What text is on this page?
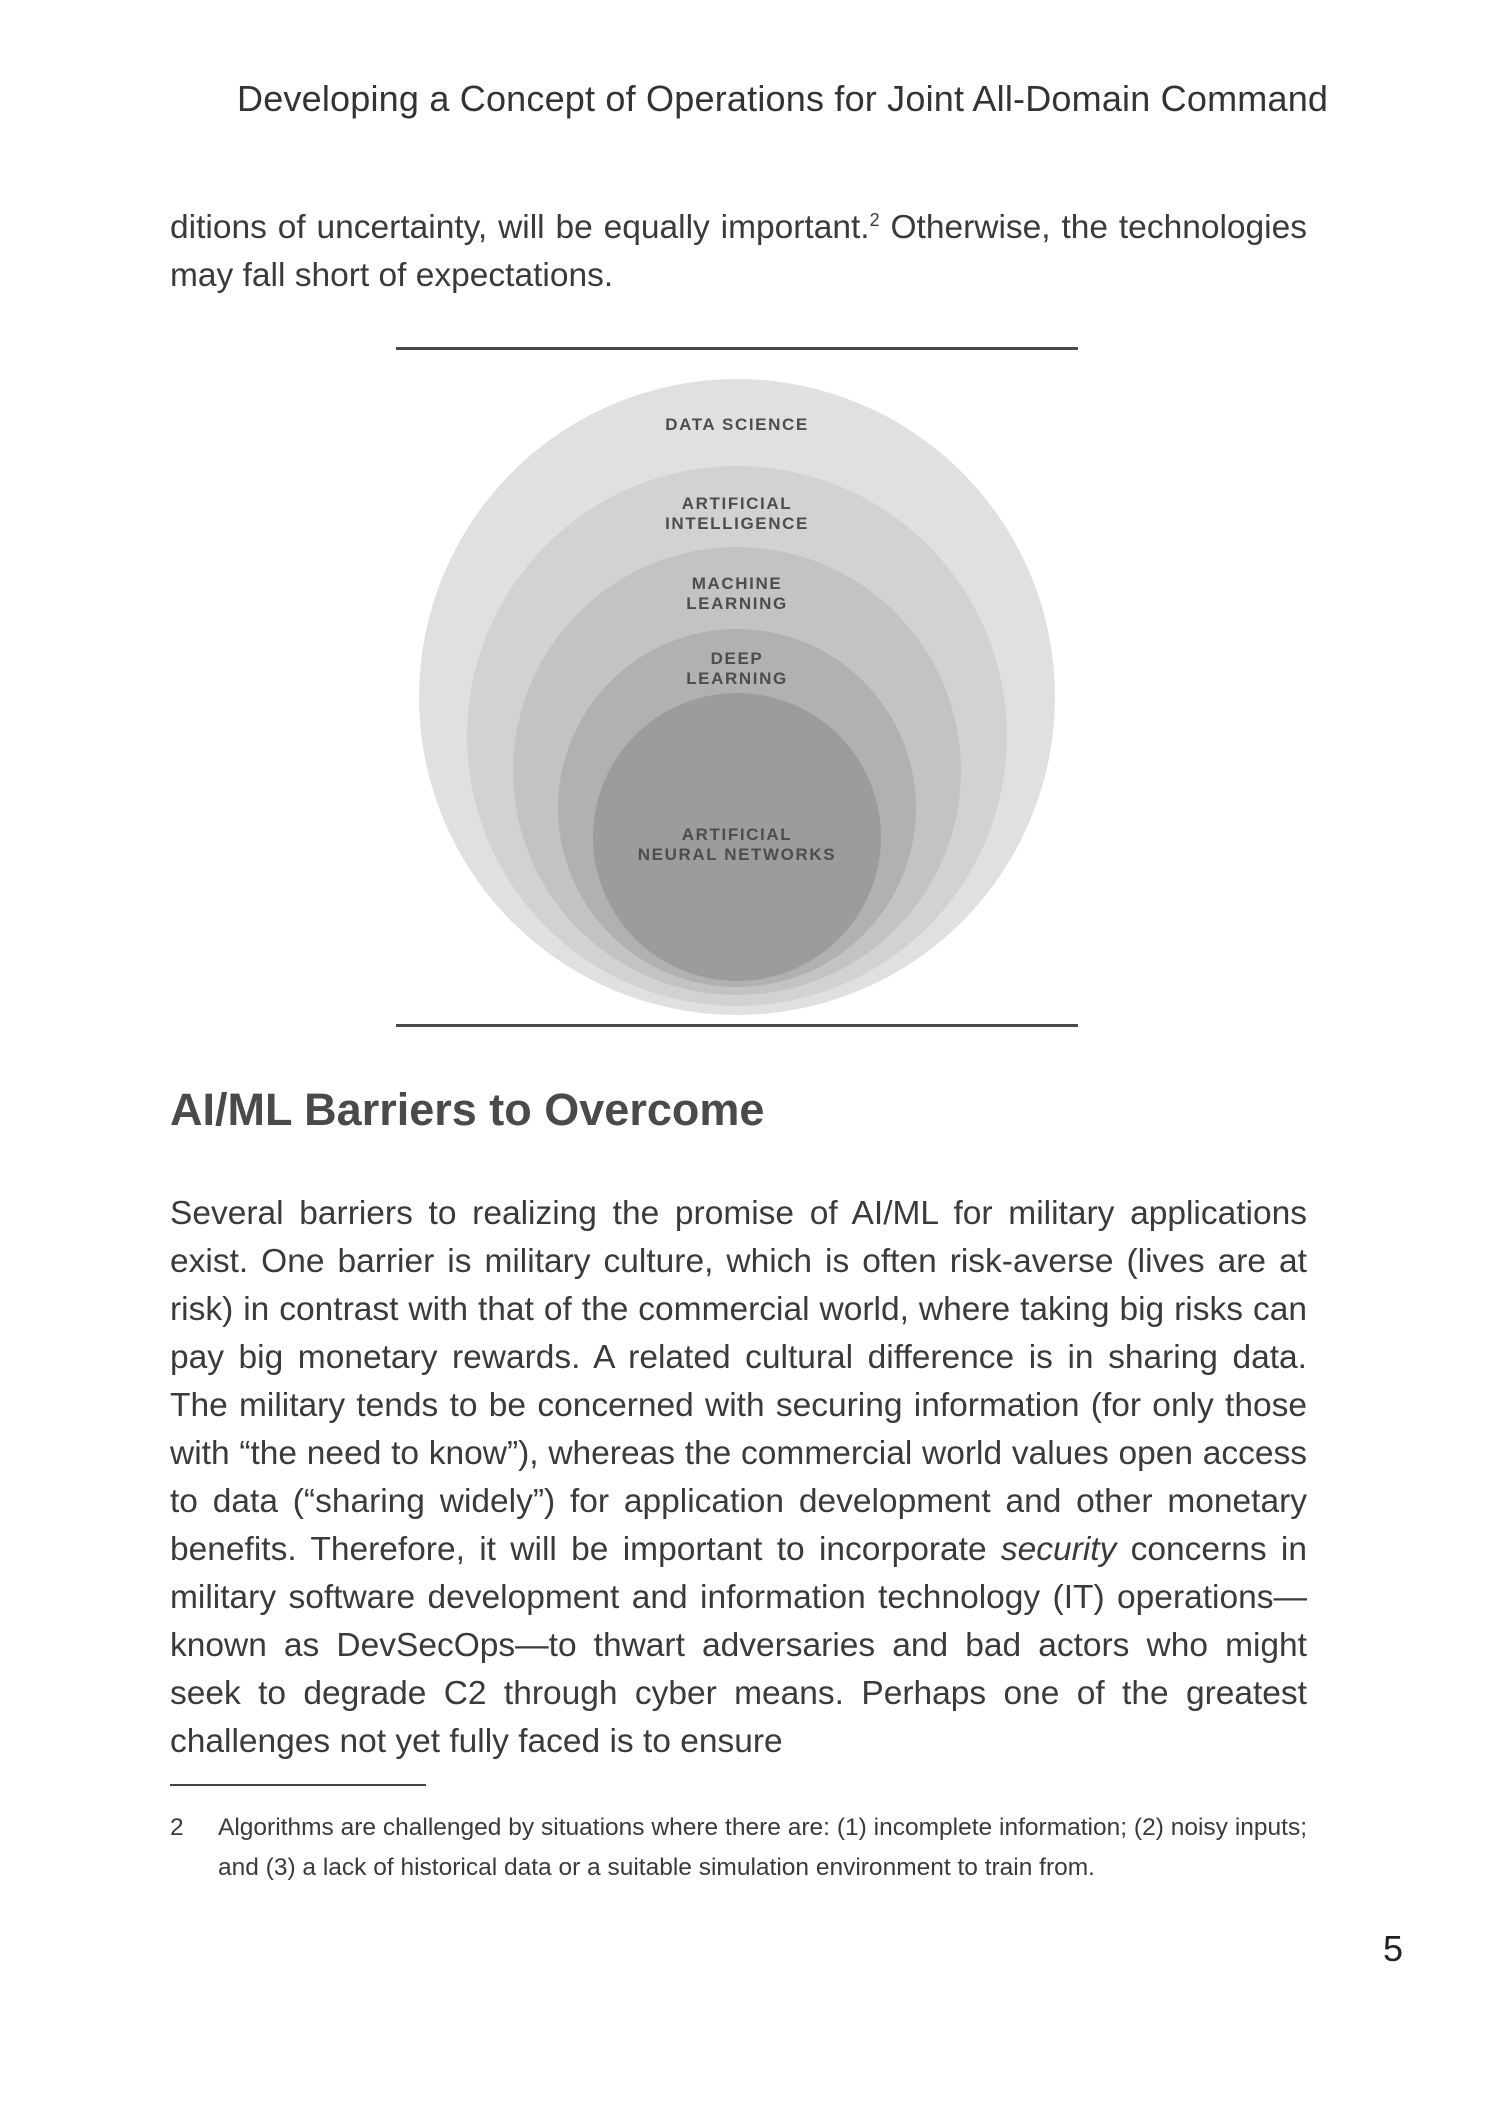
Developing a Concept of Operations for Joint All-Domain Command

ditions of uncertainty, will be equally important.$^2$ Otherwise, the technologies may fall short of expectations.

DATA SCIENCE
ARTIFICIAL
INTELLIGENCE
MACHINE
LEARNING
DEEP
LEARNING
ARTIFICIAL
NEURAL NETWORKS
AI/ML Barriers to Overcome

Several barriers to realizing the promise of AI/ML for military applications exist. One barrier is military culture, which is often risk-averse (lives are at risk) in contrast with that of the commercial world, where taking big risks can pay big monetary rewards. A related cultural difference is in sharing data. The military tends to be concerned with securing information (for only those with “the need to know”), whereas the commercial world values open access to data (“sharing widely”) for application development and other monetary benefits. Therefore, it will be important to incorporate security concerns in military software development and information technology (IT) operations—known as DevSecOps—to thwart adversaries and bad actors who might seek to degrade C2 through cyber means. Perhaps one of the greatest challenges not yet fully faced is to ensure

2 Algorithms are challenged by situations where there are: (1) incomplete information; (2) noisy inputs; and (3) a lack of historical data or a suitable simulation environment to train from.
5
